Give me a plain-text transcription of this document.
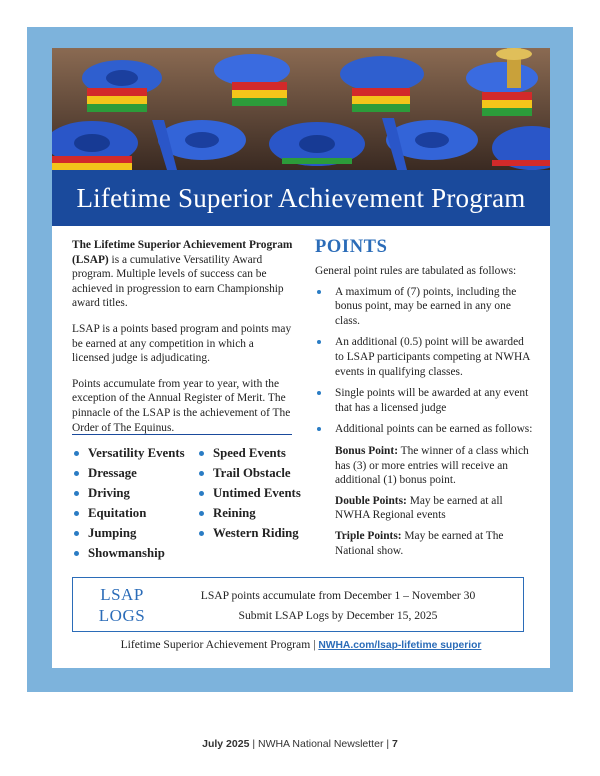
Lifetime Superior Achievement Program

The Lifetime Superior Achievement Program (LSAP) is a cumulative Versatility Award program. Multiple levels of success can be achieved in progression to earn Championship award titles.

LSAP is a points based program and points may be earned at any competition in which a licensed judge is adjudicating.

Points accumulate from year to year, with the exception of the Annual Register of Merit. The pinnacle of the LSAP is the achievement of The Order of The Equinus.

Versatility Events
Dressage
Driving
Equitation
Jumping
Showmanship
Speed Events
Trail Obstacle
Untimed Events
Reining
Western Riding
POINTS

General point rules are tabulated as follows:

A maximum of (7) points, including the bonus point, may be earned in any one class.
An additional (0.5) point will be awarded to LSAP participants competing at NWHA events in qualifying classes.
Single points will be awarded at any event that has a licensed judge
Additional points can be earned as follows:
Bonus Point: The winner of a class which has (3) or more entries will receive an additional (1) bonus point.
Double Points: May be earned at all NWHA Regional events
Triple Points: May be earned at The National show.
LSAP
LOGS
LSAP points accumulate from December 1 – November 30
Submit LSAP Logs by December 15, 2025
Lifetime Superior Achievement Program | NWHA.com/lsap-lifetime superior
July 2025 | NWHA National Newsletter | 7
